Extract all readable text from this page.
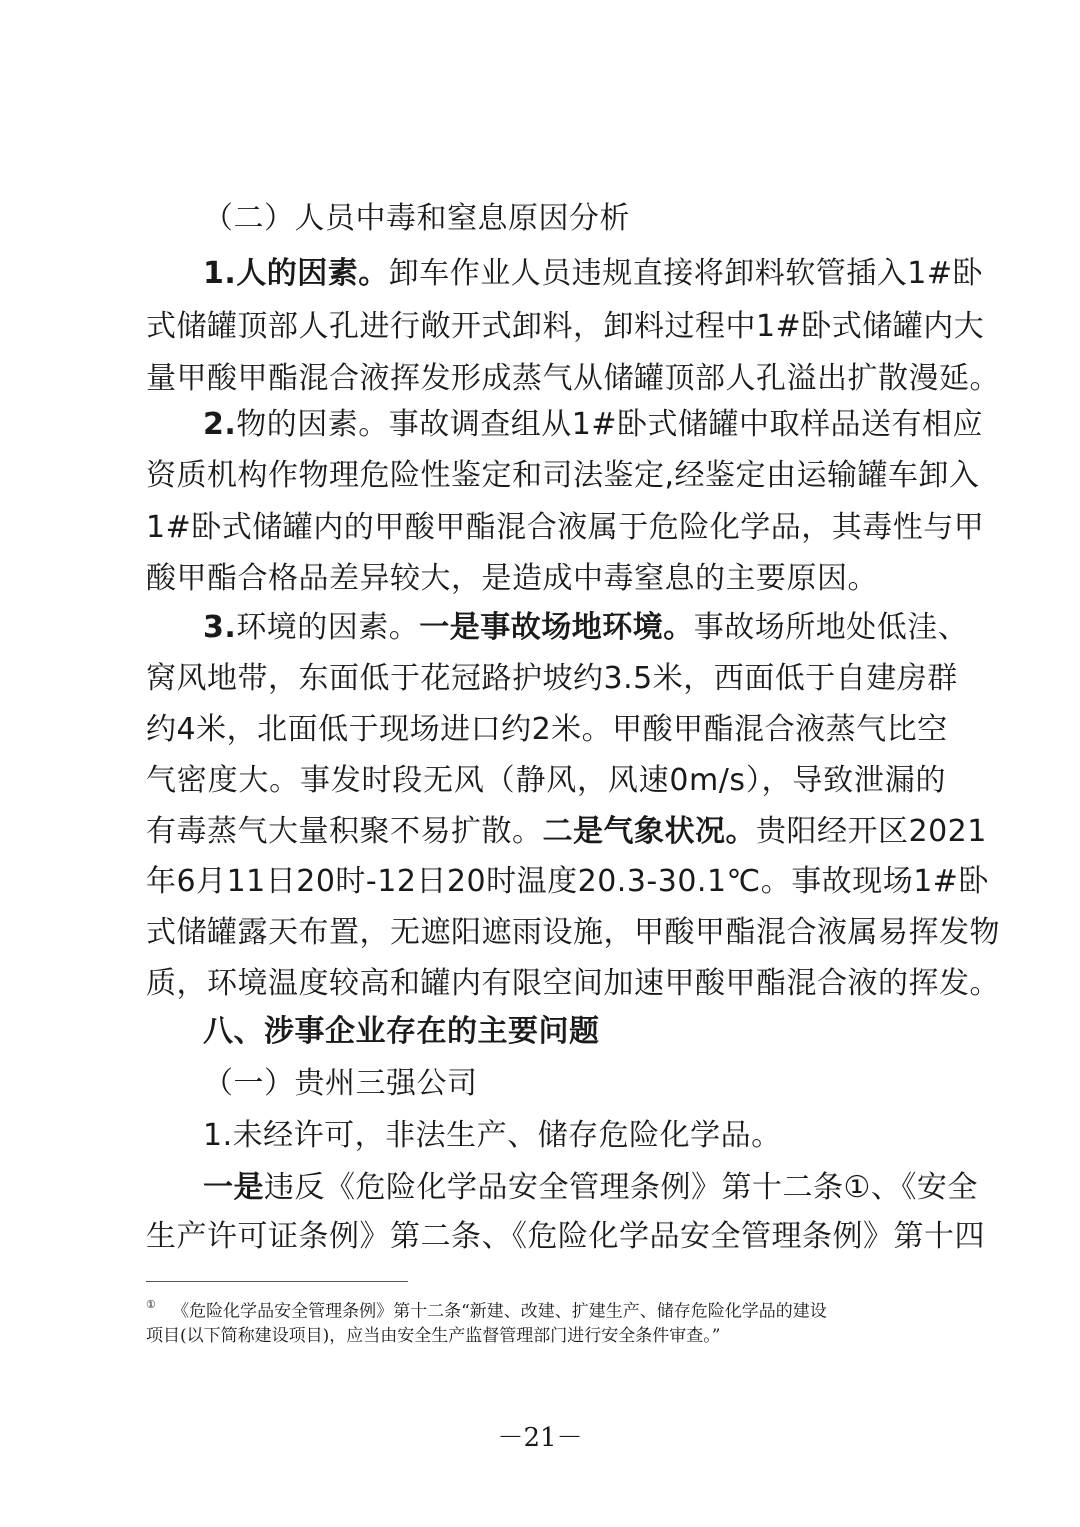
（二）人员中毒和窒息原因分析
1.人的因素。卸车作业人员违规直接将卸料软管插入1#卧
式储罐顶部人孔进行敞开式卸料，卸料过程中1#卧式储罐内大
量甲酸甲酯混合液挥发形成蒸气从储罐顶部人孔溢出扩散漫延。
2.物的因素。事故调查组从1#卧式储罐中取样品送有相应
资质机构作物理危险性鉴定和司法鉴定,经鉴定由运输罐车卸入
1#卧式储罐内的甲酸甲酯混合液属于危险化学品，其毒性与甲
酸甲酯合格品差异较大，是造成中毒窒息的主要原因。
3.环境的因素。一是事故场地环境。事故场所地处低洼、
窝风地带，东面低于花冠路护坡约3.5米，西面低于自建房群
约4米，北面低于现场进口约2米。甲酸甲酯混合液蒸气比空
气密度大。事发时段无风（静风，风速0m/s），导致泄漏的
有毒蒸气大量积聚不易扩散。二是气象状况。贵阳经开区2021
年6月11日20时-12日20时温度20.3-30.1℃。事故现场1#卧
式储罐露天布置，无遮阳遮雨设施，甲酸甲酯混合液属易挥发物
质，环境温度较高和罐内有限空间加速甲酸甲酯混合液的挥发。
八、涉事企业存在的主要问题
（一）贵州三强公司
1.未经许可，非法生产、储存危险化学品。
一是违反《危险化学品安全管理条例》第十二条①、《安全
生产许可证条例》第二条、《危险化学品安全管理条例》第十四
① 《危险化学品安全管理条例》第十二条“新建、改建、扩建生产、储存危险化学品的建设
项目(以下简称建设项目)，应当由安全生产监督管理部门进行安全条件审查。”
－21－
